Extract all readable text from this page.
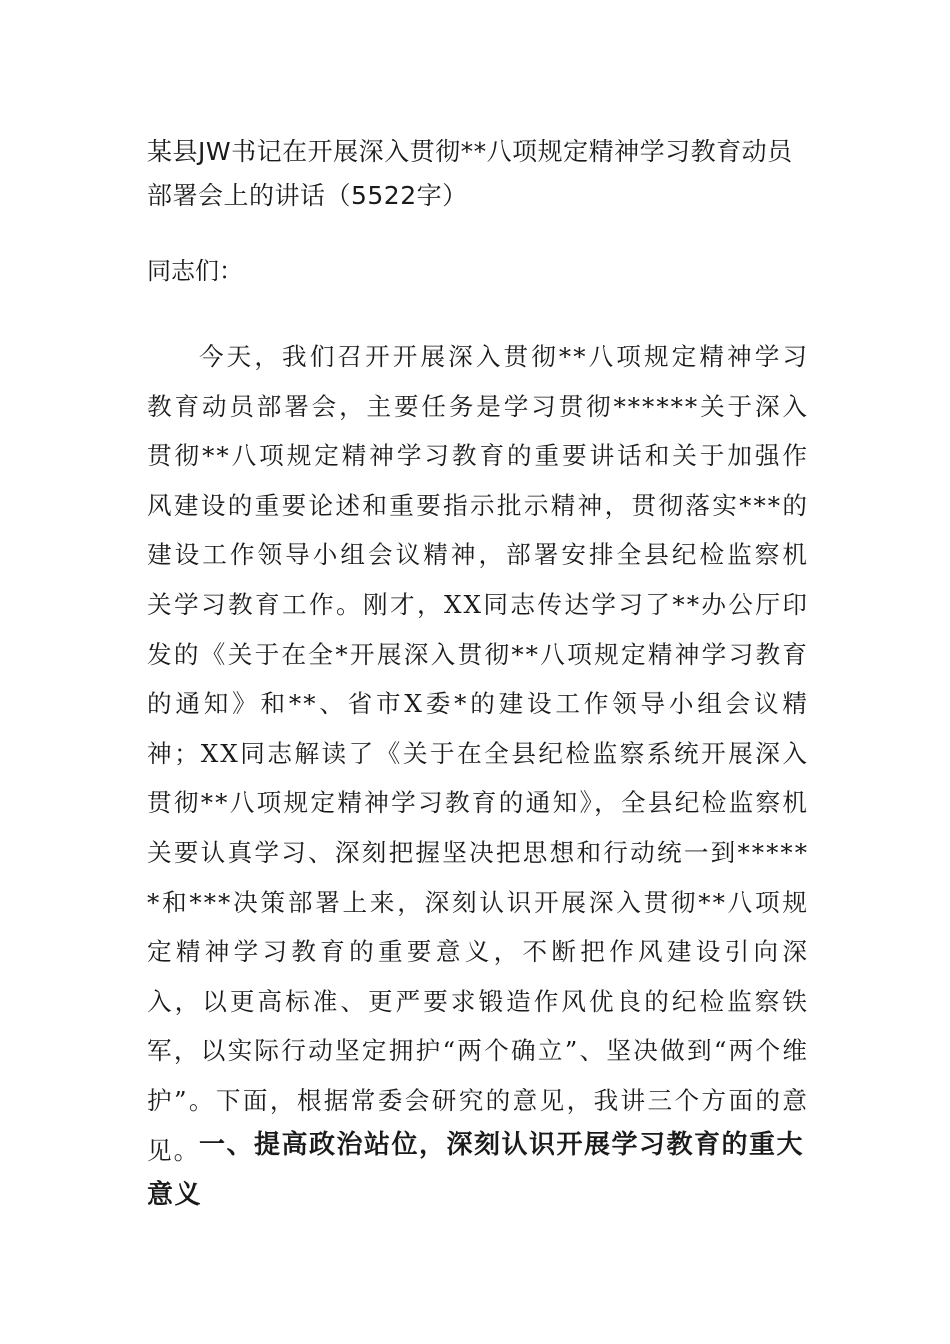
某县JW书记在开展深入贯彻**八项规定精神学习教育动员部署会上的讲话（5522字）

同志们：

今天，我们召开开展深入贯彻**八项规定精神学习教育动员部署会，主要任务是学习贯彻******关于深入贯彻**八项规定精神学习教育的重要讲话和关于加强作风建设的重要论述和重要指示批示精神，贯彻落实***的建设工作领导小组会议精神，部署安排全县纪检监察机关学习教育工作。刚才，XX同志传达学习了**办公厅印发的《关于在全*开展深入贯彻**八项规定精神学习教育的通知》和**、省市X委*的建设工作领导小组会议精神；XX同志解读了《关于在全县纪检监察系统开展深入贯彻**八项规定精神学习教育的通知》，全县纪检监察机关要认真学习、深刻把握坚决把思想和行动统一到******和***决策部署上来，深刻认识开展深入贯彻**八项规定精神学习教育的重要意义，不断把作风建设引向深入，以更高标准、更严要求锻造作风优良的纪检监察铁军，以实际行动坚定拥护“两个确立”、坚决做到“两个维护”。下面，根据常委会研究的意见，我讲三个方面的意见。

一、提高政治站位，深刻认识开展学习教育的重大意义
